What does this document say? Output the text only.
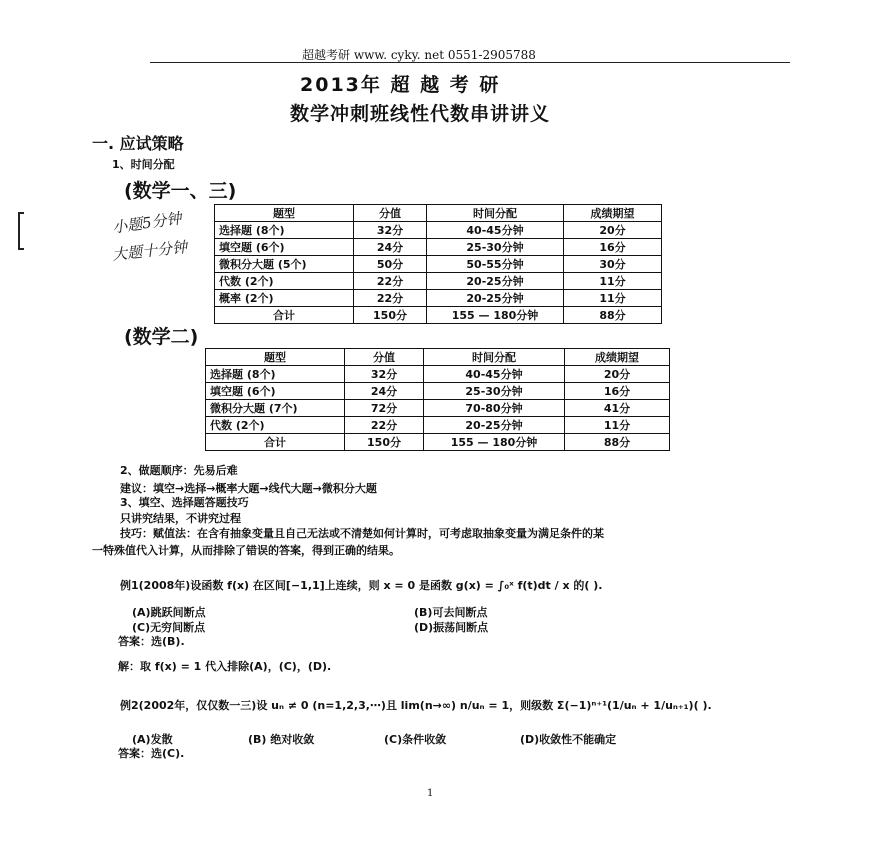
超越考研 www. cyky. net 0551-2905788
2013年 超 越 考 研
数学冲刺班线性代数串讲讲义
一. 应试策略
1、时间分配
(数学一、三)
小题5分钟
大题十分钟
题型	分值	时间分配	成绩期望
选择题 (8个)	32分	40-45分钟	20分
填空题 (6个)	24分	25-30分钟	16分
微积分大题 (5个)	50分	50-55分钟	30分
代数 (2个)	22分	20-25分钟	11分
概率 (2个)	22分	20-25分钟	11分
合计	150分	155 — 180分钟	88分
(数学二)
题型	分值	时间分配	成绩期望
选择题 (8个)	32分	40-45分钟	20分
填空题 (6个)	24分	25-30分钟	16分
微积分大题 (7个)	72分	70-80分钟	41分
代数 (2个)	22分	20-25分钟	11分
合计	150分	155 — 180分钟	88分
2、做题顺序：先易后难
建议：填空→选择→概率大题→线代大题→微积分大题
3、填空、选择题答题技巧
只讲究结果，不讲究过程
技巧：赋值法：在含有抽象变量且自己无法或不清楚如何计算时，可考虑取抽象变量为满足条件的某
一特殊值代入计算，从而排除了错误的答案，得到正确的结果。
例1(2008年)设函数 f(x) 在区间[−1,1]上连续，则 x = 0 是函数 g(x) = ∫₀ˣ f(t)dt / x 的( ).
(A)跳跃间断点	(B)可去间断点
(C)无穷间断点	(D)振荡间断点
答案：选(B).
解：取 f(x) = 1 代入排除(A)，(C)，(D).
例2(2002年，仅仅数一三)设 uₙ ≠ 0 (n=1,2,3,⋯)且 lim(n→∞) n/uₙ = 1，则级数 Σ(−1)ⁿ⁺¹(1/uₙ + 1/uₙ₊₁)( ).
(A)发散	(B) 绝对收敛	(C)条件收敛	(D)收敛性不能确定
答案：选(C).
1
